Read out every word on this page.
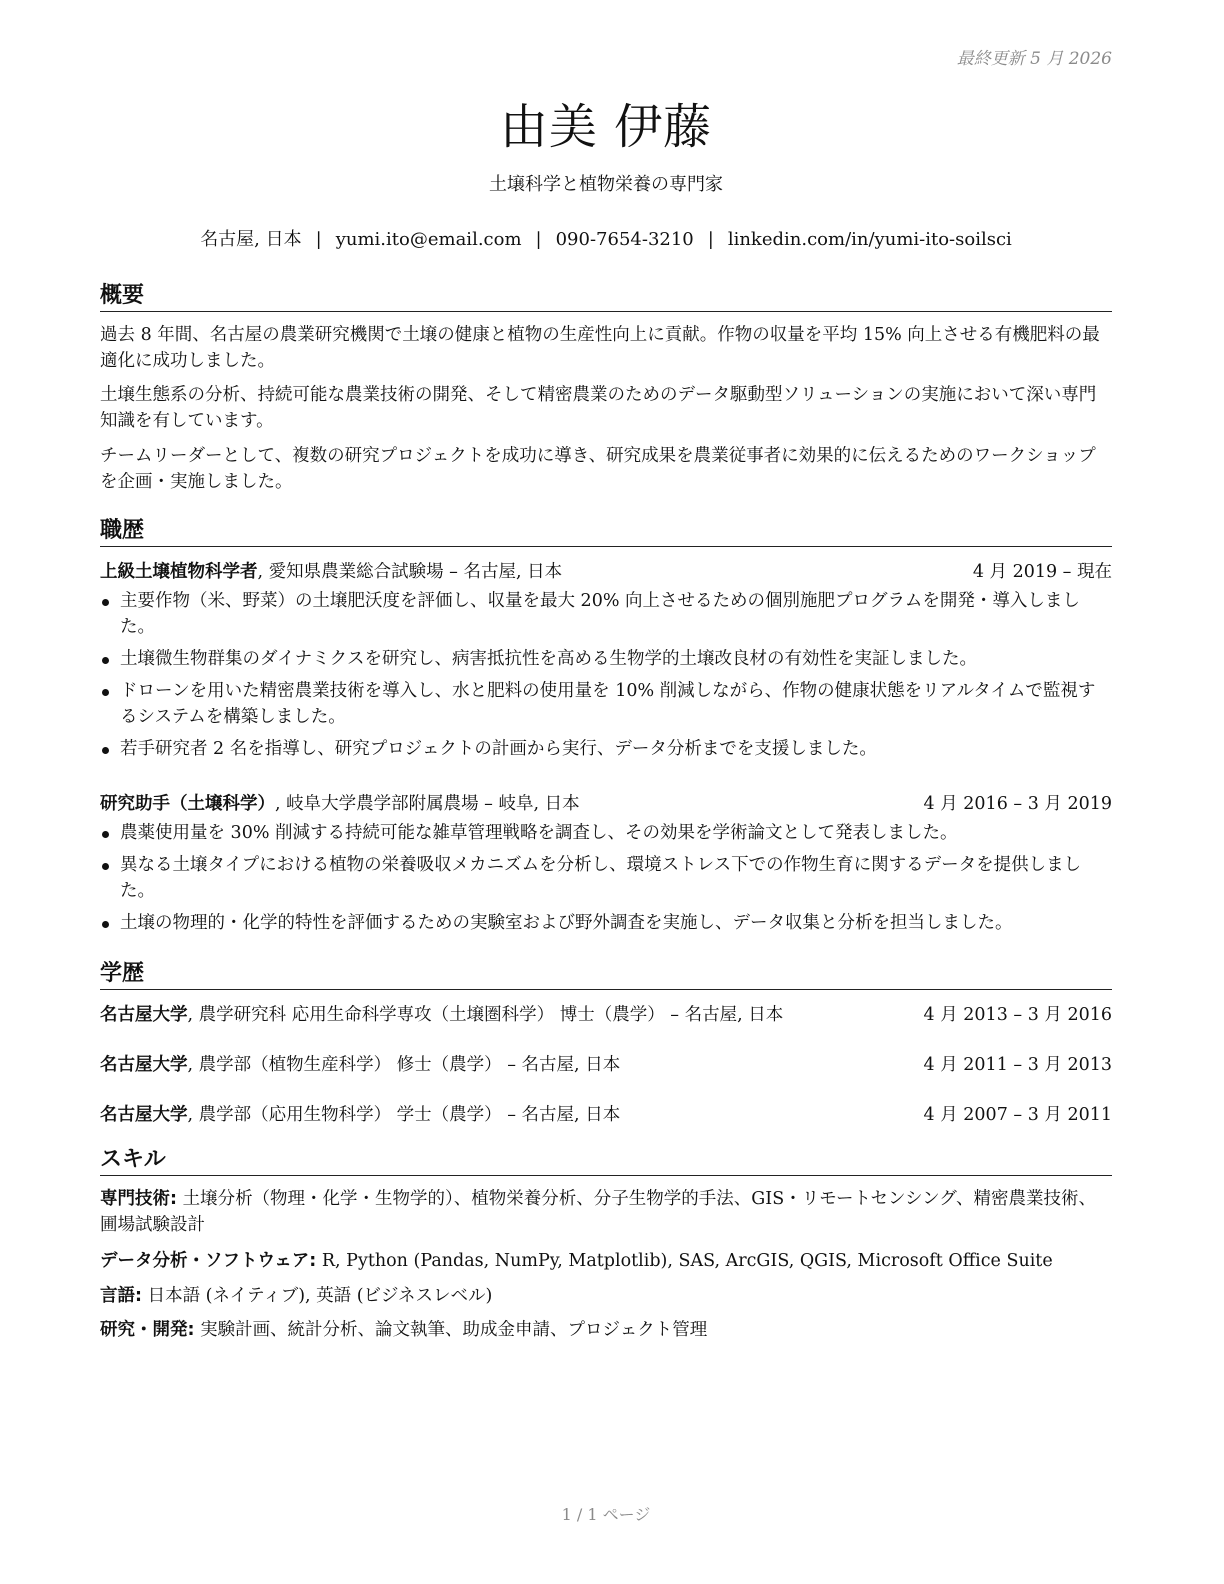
最終更新 5 月 2026
由美 伊藤
土壌科学と植物栄養の専門家
名古屋, 日本 | yumi.ito@email.com | 090-7654-3210 | linkedin.com/in/yumi-ito-soilsci
概要
過去 8 年間、名古屋の農業研究機関で土壌の健康と植物の生産性向上に貢献。作物の収量を平均 15% 向上させる有機肥料の最適化に成功しました。
土壌生態系の分析、持続可能な農業技術の開発、そして精密農業のためのデータ駆動型ソリューションの実施において深い専門知識を有しています。
チームリーダーとして、複数の研究プロジェクトを成功に導き、研究成果を農業従事者に効果的に伝えるためのワークショップを企画・実施しました。
職歴
上級土壌植物科学者, 愛知県農業総合試験場 – 名古屋, 日本	4 月 2019 – 現在
主要作物（米、野菜）の土壌肥沃度を評価し、収量を最大 20% 向上させるための個別施肥プログラムを開発・導入しました。
土壌微生物群集のダイナミクスを研究し、病害抵抗性を高める生物学的土壌改良材の有効性を実証しました。
ドローンを用いた精密農業技術を導入し、水と肥料の使用量を 10% 削減しながら、作物の健康状態をリアルタイムで監視するシステムを構築しました。
若手研究者 2 名を指導し、研究プロジェクトの計画から実行、データ分析までを支援しました。
研究助手（土壌科学）, 岐阜大学農学部附属農場 – 岐阜, 日本	4 月 2016 – 3 月 2019
農薬使用量を 30% 削減する持続可能な雑草管理戦略を調査し、その効果を学術論文として発表しました。
異なる土壌タイプにおける植物の栄養吸収メカニズムを分析し、環境ストレス下での作物生育に関するデータを提供しました。
土壌の物理的・化学的特性を評価するための実験室および野外調査を実施し、データ収集と分析を担当しました。
学歴
名古屋大学, 農学研究科 応用生命科学専攻（土壌圏科学） 博士（農学） – 名古屋, 日本	4 月 2013 – 3 月 2016
名古屋大学, 農学部（植物生産科学） 修士（農学） – 名古屋, 日本	4 月 2011 – 3 月 2013
名古屋大学, 農学部（応用生物科学） 学士（農学） – 名古屋, 日本	4 月 2007 – 3 月 2011
スキル
専門技術: 土壌分析（物理・化学・生物学的）、植物栄養分析、分子生物学的手法、GIS・リモートセンシング、精密農業技術、圃場試験設計
データ分析・ソフトウェア: R, Python (Pandas, NumPy, Matplotlib), SAS, ArcGIS, QGIS, Microsoft Office Suite
言語: 日本語 (ネイティブ), 英語 (ビジネスレベル)
研究・開発: 実験計画、統計分析、論文執筆、助成金申請、プロジェクト管理
1 / 1 ページ
